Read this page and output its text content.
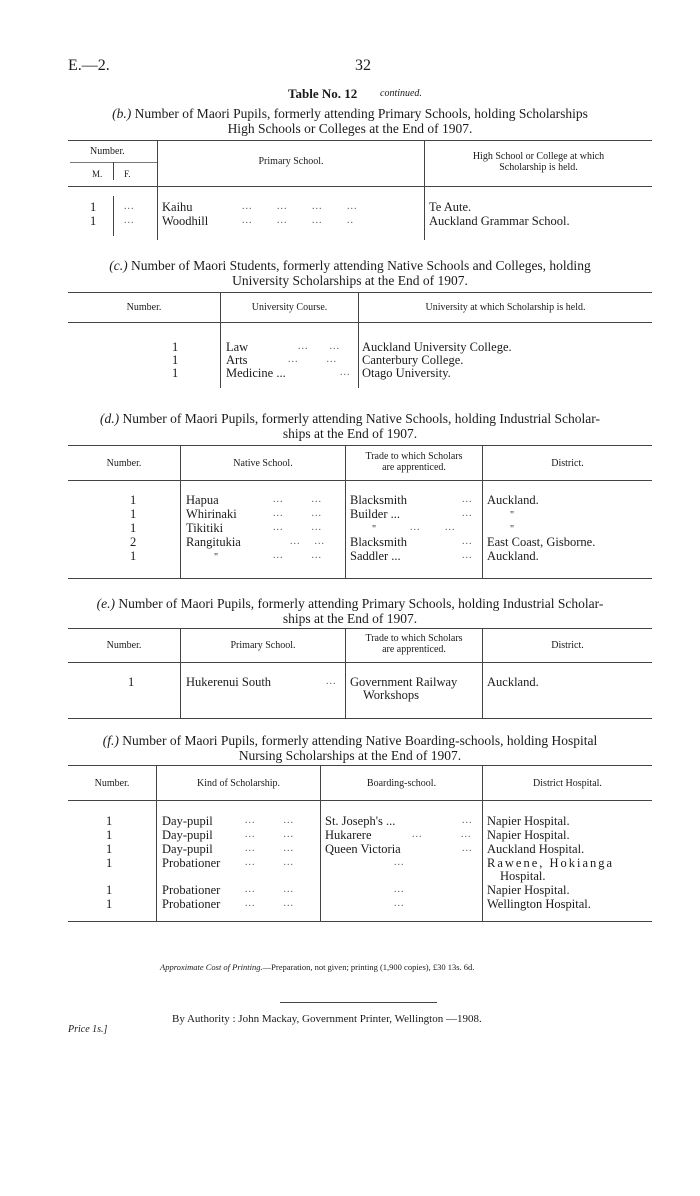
E.—2.	32
Table No. 12 continued.
(b.) Number of Maori Pupils, formerly attending Primary Schools, holding Scholarships
High Schools or Colleges at the End of 1907.
Number.
M. F.
Primary School.	High School or College at which
Scholarship is held.
1	... Kaihu	...       ...       ...       ...	Te Aute.
1	... Woodhill	...       ...       ...       ..	Auckland Grammar School.
(c.) Number of Maori Students, formerly attending Native Schools and Colleges, holding
University Scholarships at the End of 1907.
Number.	University Course.	University at which Scholarship is held.
1	Law	...      ... Auckland University College.
1	Arts	...        ... Canterbury College.
1	Medicine ...	... Otago University.
(d.) Number of Maori Pupils, formerly attending Native Schools, holding Industrial Scholar-
ships at the End of 1907.
Number.	Native School.
Trade to which Scholars
are apprenticed.	District.
1	Hapua	...        ... Blacksmith	... Auckland.
1	Whirinaki	...        ... Builder ...	...	"
1	Tikitiki	...        ...	"	...       ...	"
2	Rangitukia	...    ... Blacksmith	... East Coast, Gisborne.
1	"	...        ... Saddler ...	... Auckland.
(e.) Number of Maori Pupils, formerly attending Primary Schools, holding Industrial Scholar-
ships at the End of 1907.
Number.	Primary School.
Trade to which Scholars
are apprenticed.	District.
1	Hukerenui South	... Government Railway
Workshops
Auckland.
(f.) Number of Maori Pupils, formerly attending Native Boarding-schools, holding Hospital
Nursing Scholarships at the End of 1907.
Number.	Kind of Scholarship.	Boarding-school.	District Hospital.
1	Day-pupil	...        ... St. Joseph's ...	... Napier Hospital.
1	Day-pupil	...        ... Hukarere	...           ... Napier Hospital.
1	Day-pupil	...        ... Queen Victoria	... Auckland Hospital.
1	Probationer ...        ...	...	Rawene, Hokianga
Hospital.
1	Probationer ...        ...	...	Napier Hospital.
1	Probationer ...        ...	...	Wellington Hospital.
Approximate Cost of Printing.—Preparation, not given; printing (1,900 copies), £30 13s. 6d.
By Authority : John Mackay, Government Printer, Wellington —1908.
Price 1s.]
